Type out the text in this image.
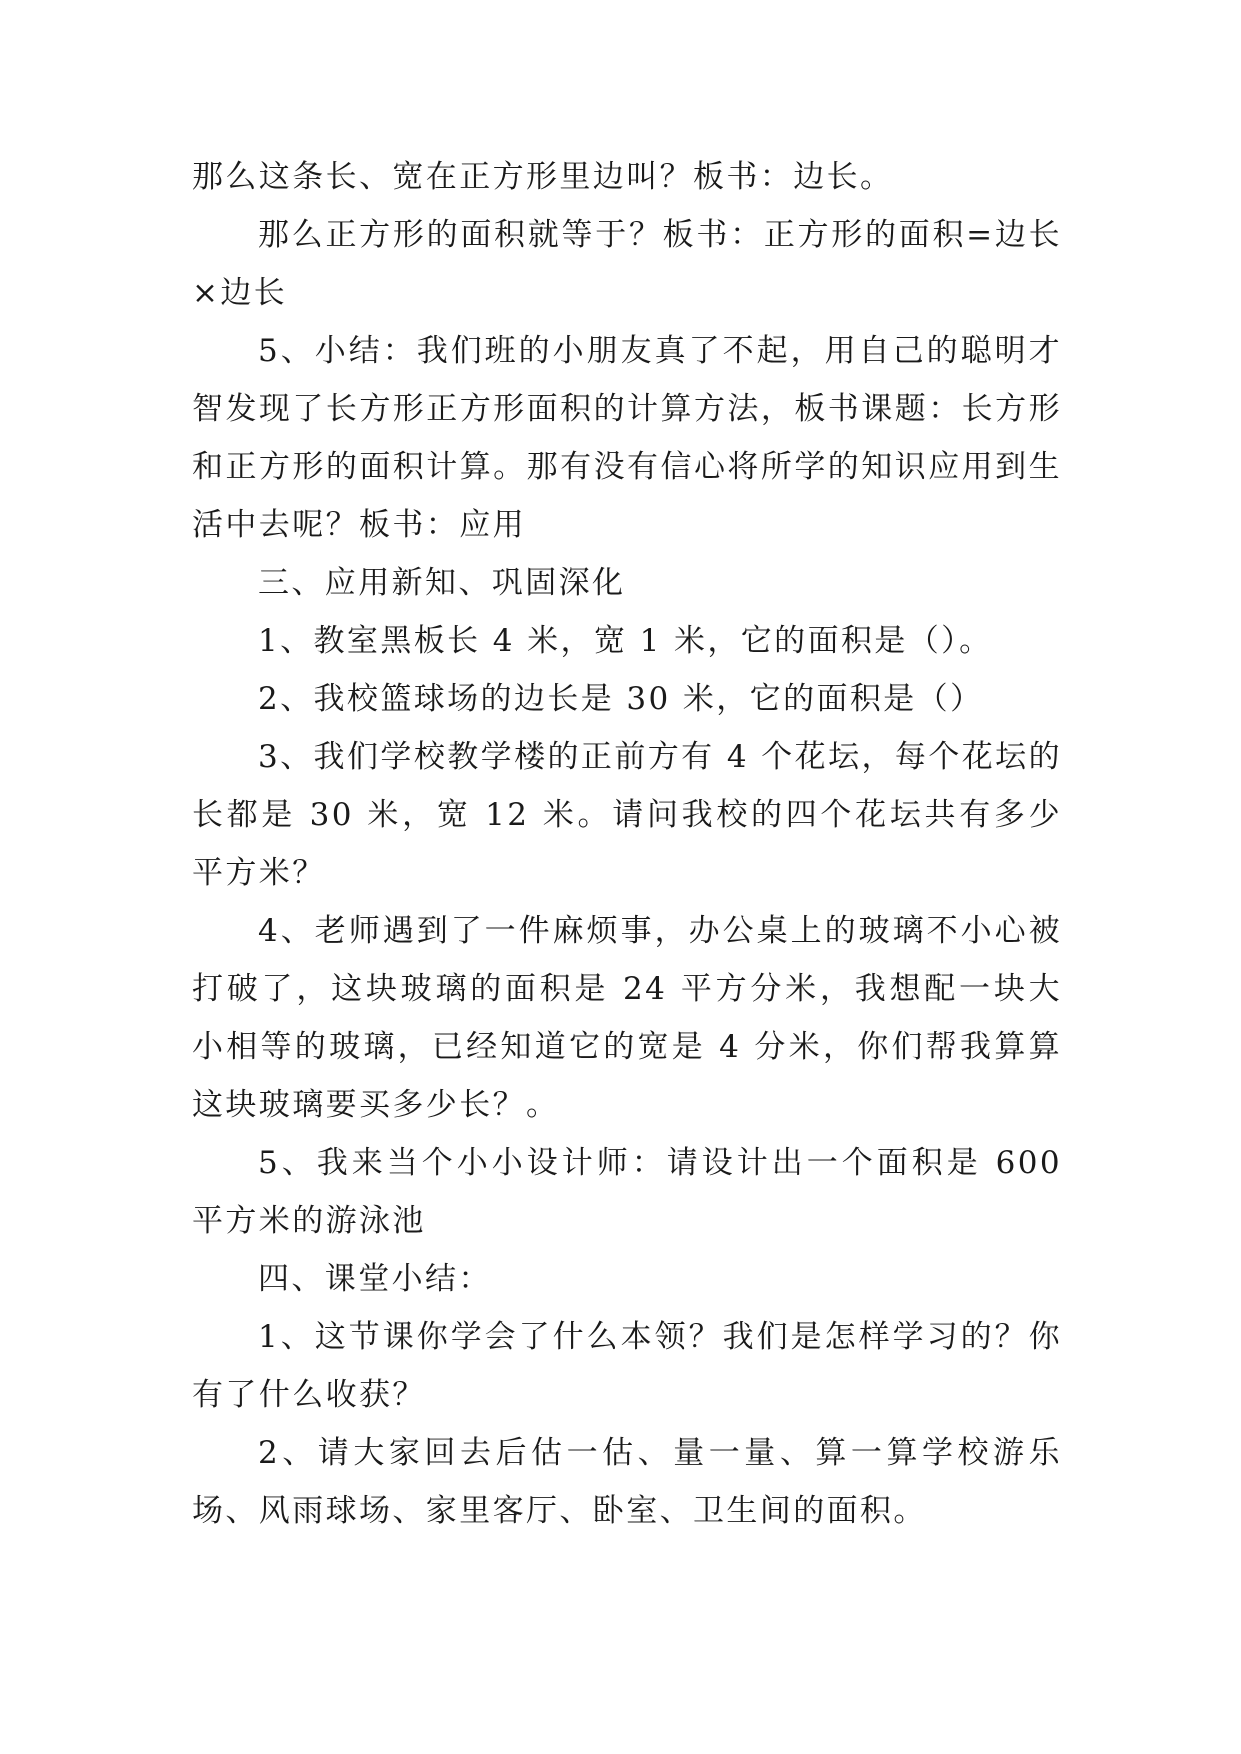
那么这条长、宽在正方形里边叫？板书：边长。

那么正方形的面积就等于？板书：正方形的面积=边长×边长

5、小结：我们班的小朋友真了不起，用自己的聪明才智发现了长方形正方形面积的计算方法，板书课题：长方形和正方形的面积计算。那有没有信心将所学的知识应用到生活中去呢？板书：应用

三、应用新知、巩固深化

1、教室黑板长 4 米，宽 1 米，它的面积是（）。

2、我校篮球场的边长是 30 米，它的面积是（）

3、我们学校教学楼的正前方有 4 个花坛，每个花坛的长都是 30 米，宽 12 米。请问我校的四个花坛共有多少平方米？

4、老师遇到了一件麻烦事，办公桌上的玻璃不小心被打破了，这块玻璃的面积是 24 平方分米，我想配一块大小相等的玻璃，已经知道它的宽是 4 分米，你们帮我算算这块玻璃要买多少长？。

5、我来当个小小设计师：请设计出一个面积是 600 平方米的游泳池

四、课堂小结：

1、这节课你学会了什么本领？我们是怎样学习的？你有了什么收获？

2、请大家回去后估一估、量一量、算一算学校游乐场、风雨球场、家里客厅、卧室、卫生间的面积。
